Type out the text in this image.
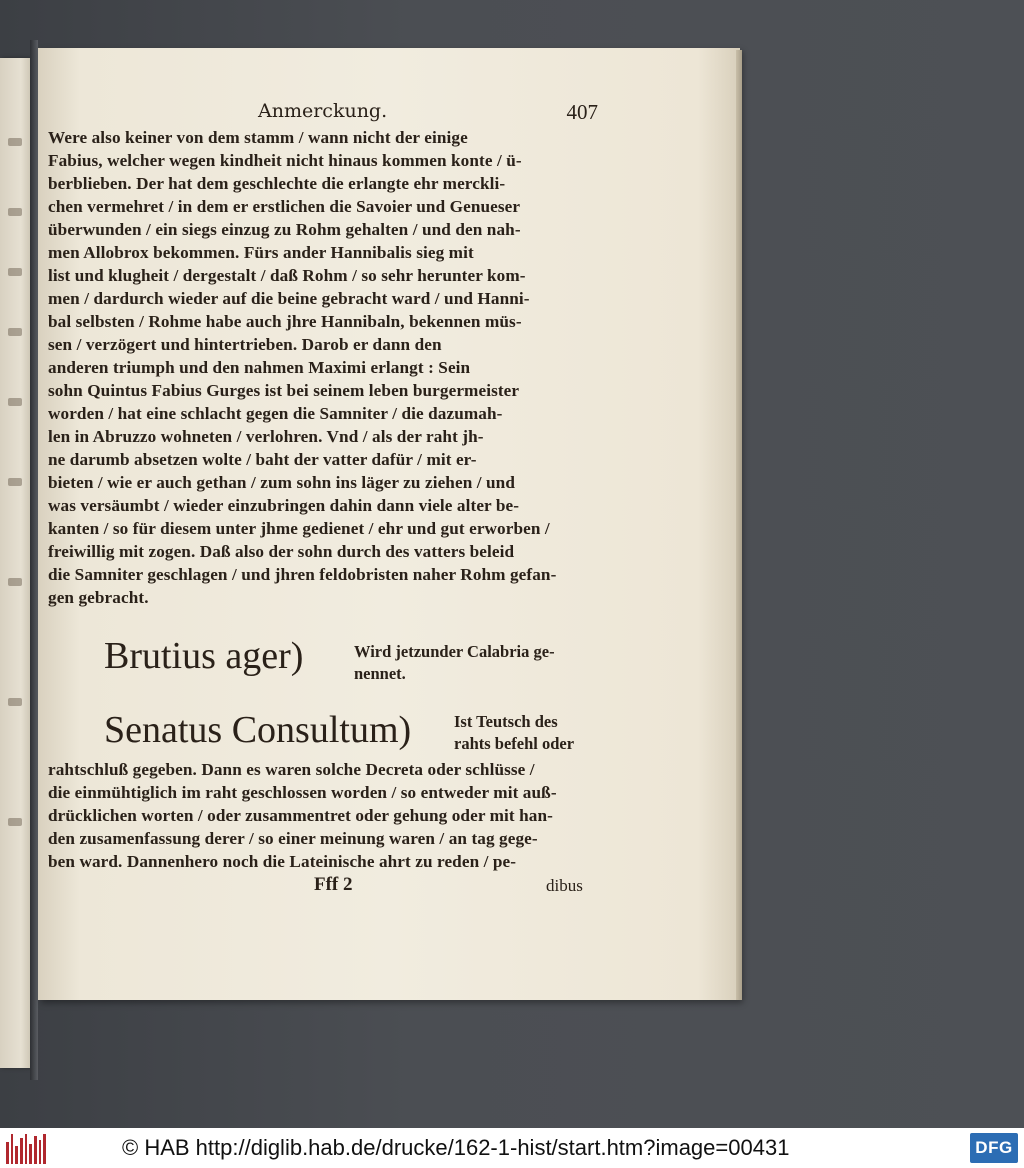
Anmerckung.	407
Were also keiner von dem stamm / wann nicht der einige
Fabius, welcher wegen kindheit nicht hinaus kommen konte / ü-
berblieben. Der hat dem geschlechte die erlangte ehr merckli-
chen vermehret / in dem er erstlichen die Savoier und Genueser
überwunden / ein siegs einzug zu Rohm gehalten / und den nah-
men Allobrox bekommen. Fürs ander Hannibalis sieg mit
list und klugheit / dergestalt / daß Rohm / so sehr herunter kom-
men / dardurch wieder auf die beine gebracht ward / und Hanni-
bal selbsten / Rohme habe auch jhre Hannibaln, bekennen müs-
sen / verzögert und hintertrieben. Darob er dann den
anderen triumph und den nahmen Maximi erlangt : Sein
sohn Quintus Fabius Gurges ist bei seinem leben burgermeister
worden / hat eine schlacht gegen die Samniter / die dazumah-
len in Abruzzo wohneten / verlohren. Vnd / als der raht jh-
ne darumb absetzen wolte / baht der vatter dafür / mit er-
bieten / wie er auch gethan / zum sohn ins läger zu ziehen / und
was versäumbt / wieder einzubringen dahin dann viele alter be-
kanten / so für diesem unter jhme gedienet / ehr und gut erworben /
freiwillig mit zogen. Daß also der sohn durch des vatters beleid
die Samniter geschlagen / und jhren feldobristen naher Rohm gefan-
gen gebracht.
Brutius ager)	Wird jetzunder Calabria ge-
nennet.
Senatus Consultum)	Ist Teutsch des
rahts befehl oder
rahtschluß gegeben. Dann es waren solche Decreta oder schlüsse /
die einmühtiglich im raht geschlossen worden / so entweder mit auß-
drücklichen worten / oder zusammentret oder gehung oder mit han-
den zusamenfassung derer / so einer meinung waren / an tag gege-
ben ward. Dannenhero noch die Lateinische ahrt zu reden / pe-
Fff 2	dibus
© HAB http://diglib.hab.de/drucke/162-1-hist/start.htm?image=00431	DFG
